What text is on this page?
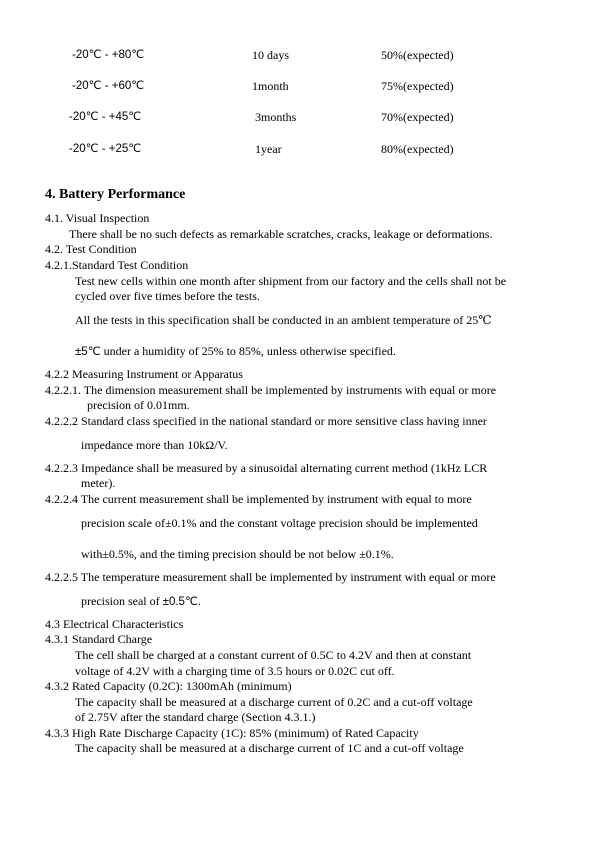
-20℃ - +80℃	10 days	50%(expected)
-20℃ - +60℃	1month	75%(expected)
-20℃ - +45℃	3months	70%(expected)
-20℃ - +25℃	1year	80%(expected)
4. Battery Performance
4.1. Visual Inspection
There shall be no such defects as remarkable scratches, cracks, leakage or deformations.
4.2. Test Condition
4.2.1.Standard Test Condition
Test new cells within one month after shipment from our factory and the cells shall not be
cycled over five times before the tests.
All the tests in this specification shall be conducted in an ambient temperature of 25℃
±5℃ under a humidity of 25% to 85%, unless otherwise specified.
4.2.2 Measuring Instrument or Apparatus
4.2.2.1. The dimension measurement shall be implemented by instruments with equal or more
precision of 0.01mm.
4.2.2.2 Standard class specified in the national standard or more sensitive class having inner
impedance more than 10kΩ/V.
4.2.2.3 Impedance shall be measured by a sinusoidal alternating current method (1kHz LCR
meter).
4.2.2.4 The current measurement shall be implemented by instrument with equal to more
precision scale of±0.1% and the constant voltage precision should be implemented
with±0.5%, and the timing precision should be not below ±0.1%.
4.2.2.5 The temperature measurement shall be implemented by instrument with equal or more
precision seal of ±0.5℃.
4.3 Electrical Characteristics
4.3.1 Standard Charge
The cell shall be charged at a constant current of 0.5C to 4.2V and then at constant
voltage of 4.2V with a charging time of 3.5 hours or 0.02C cut off.
4.3.2 Rated Capacity (0.2C): 1300mAh (minimum)
The capacity shall be measured at a discharge current of 0.2C and a cut-off voltage
of 2.75V after the standard charge (Section 4.3.1.)
4.3.3 High Rate Discharge Capacity (1C): 85% (minimum) of Rated Capacity
The capacity shall be measured at a discharge current of 1C and a cut-off voltage
